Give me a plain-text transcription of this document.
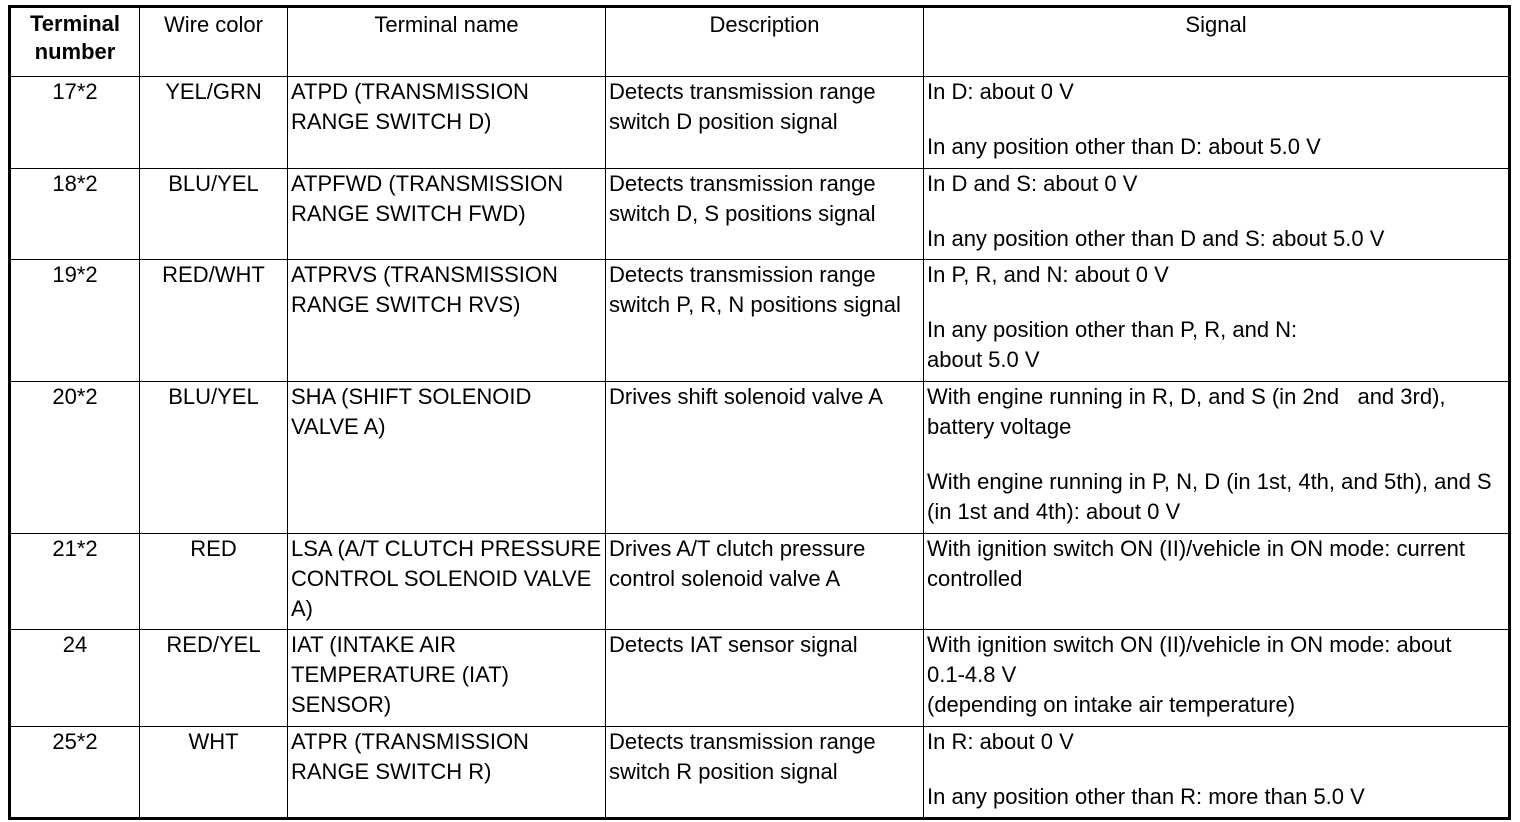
Terminal number	Wire color	Terminal name	Description	Signal
17*2	YEL/GRN	ATPD (TRANSMISSION RANGE SWITCH D)	Detects transmission range switch D position signal	In D: about 0 V
In any position other than D: about 5.0 V

18*2	BLU/YEL	ATPFWD (TRANSMISSION RANGE SWITCH FWD)	Detects transmission range switch D, S positions signal	In D and S: about 0 V
In any position other than D and S: about 5.0 V

19*2	RED/WHT	ATPRVS (TRANSMISSION RANGE SWITCH RVS)	Detects transmission range switch P, R, N positions signal	In P, R, and N: about 0 V
In any position other than P, R, and N: about 5.0 V

20*2	BLU/YEL	SHA (SHIFT SOLENOID VALVE A)	Drives shift solenoid valve A	With engine running in R, D, and S (in 2nd   and 3rd), battery voltage
With engine running in P, N, D (in 1st, 4th, and 5th), and S (in 1st and 4th): about 0 V

21*2	RED	LSA (A/T CLUTCH PRESSURE CONTROL SOLENOID VALVE A)	Drives A/T clutch pressure control solenoid valve A	With ignition switch ON (II)/vehicle in ON mode: current controlled

24	RED/YEL	IAT (INTAKE AIR TEMPERATURE (IAT) SENSOR)	Detects IAT sensor signal	With ignition switch ON (II)/vehicle in ON mode: about 0.1-4.8 V
(depending on intake air temperature)

25*2	WHT	ATPR (TRANSMISSION RANGE SWITCH R)	Detects transmission range switch R position signal	In R: about 0 V
In any position other than R: more than 5.0 V
